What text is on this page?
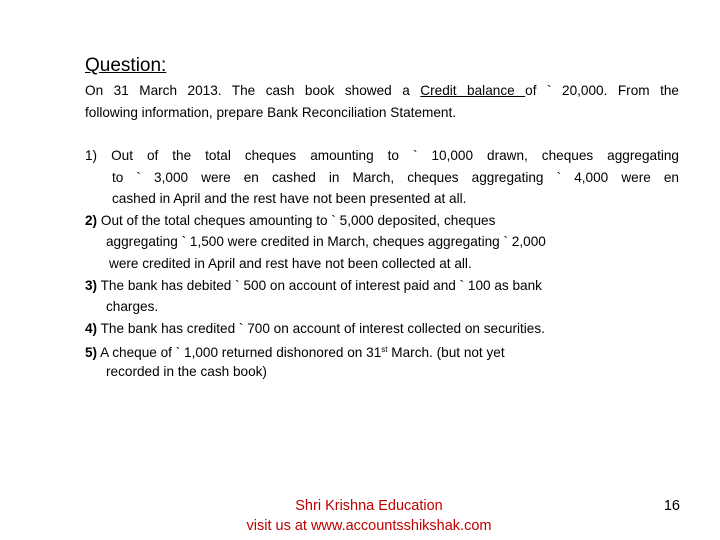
Question:
On 31 March 2013. The cash book showed a Credit balance of ` 20,000. From the
following information, prepare Bank Reconciliation Statement.
1) Out of the total cheques amounting to ` 10,000 drawn, cheques aggregating
to ` 3,000 were en cashed in March, cheques aggregating ` 4,000 were en
cashed in April and the rest have not been presented at all.
2) Out of the total cheques amounting to ` 5,000 deposited, cheques
aggregating ` 1,500 were credited in March, cheques aggregating ` 2,000
were credited in April and rest have not been collected at all.
3) The bank has debited ` 500 on account of interest paid and ` 100 as bank
charges.
4) The bank has credited ` 700 on account of interest collected on securities.
5) A cheque of ` 1,000 returned dishonored on 31st March. (but not yet
recorded in the cash book)
Shri Krishna Education
visit us at www.accountsshikshak.com
16
